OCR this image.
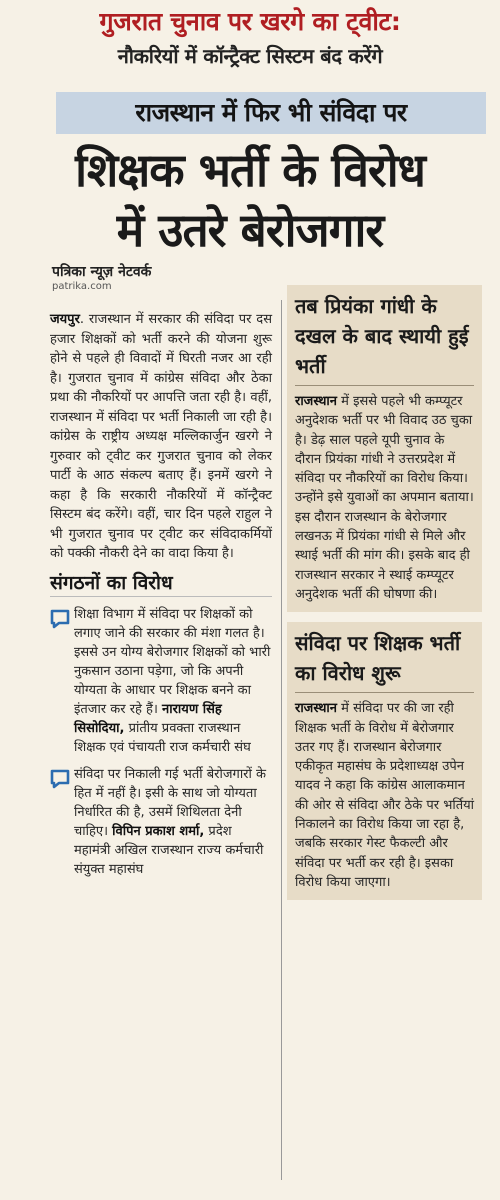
गुजरात चुनाव पर खरगे का ट्वीट:
नौकरियों में कॉन्ट्रैक्ट सिस्टम बंद करेंगे
राजस्थान में फिर भी संविदा पर
शिक्षक भर्ती के विरोध
में उतरे बेरोजगार
पत्रिका न्यूज़ नेटवर्क
patrika.com
जयपुर. राजस्थान में सरकार की संविदा पर दस हजार शिक्षकों को भर्ती करने की योजना शुरू होने से पहले ही विवादों में घिरती नजर आ रही है। गुजरात चुनाव में कांग्रेस संविदा और ठेका प्रथा की नौकरियों पर आपत्ति जता रही है। वहीं, राजस्थान में संविदा पर भर्ती निकाली जा रही है। कांग्रेस के राष्ट्रीय अध्यक्ष मल्लिकार्जुन खरगे ने गुरुवार को ट्वीट कर गुजरात चुनाव को लेकर पार्टी के आठ संकल्प बताए हैं। इनमें खरगे ने कहा है कि सरकारी नौकरियों में कॉन्ट्रैक्ट सिस्टम बंद करेंगे। वहीं, चार दिन पहले राहुल ने भी गुजरात चुनाव पर ट्वीट कर संविदाकर्मियों को पक्की नौकरी देने का वादा किया है।
संगठनों का विरोध
शिक्षा विभाग में संविदा पर शिक्षकों को लगाए जाने की सरकार की मंशा गलत है। इससे उन योग्य बेरोजगार शिक्षकों को भारी नुकसान उठाना पड़ेगा, जो कि अपनी योग्यता के आधार पर शिक्षक बनने का इंतजार कर रहे हैं। नारायण सिंह सिसोदिया, प्रांतीय प्रवक्ता राजस्थान शिक्षक एवं पंचायती राज कर्मचारी संघ
संविदा पर निकाली गई भर्ती बेरोजगारों के हित में नहीं है। इसी के साथ जो योग्यता निर्धारित की है, उसमें शिथिलता देनी चाहिए। विपिन प्रकाश शर्मा, प्रदेश महामंत्री अखिल राजस्थान राज्य कर्मचारी संयुक्त महासंघ
तब प्रियंका गांधी के दखल के बाद स्थायी हुई भर्ती
राजस्थान में इससे पहले भी कम्प्यूटर अनुदेशक भर्ती पर भी विवाद उठ चुका है। डेढ़ साल पहले यूपी चुनाव के दौरान प्रियंका गांधी ने उत्तरप्रदेश में संविदा पर नौकरियों का विरोध किया। उन्होंने इसे युवाओं का अपमान बताया। इस दौरान राजस्थान के बेरोजगार लखनऊ में प्रियंका गांधी से मिले और स्थाई भर्ती की मांग की। इसके बाद ही राजस्थान सरकार ने स्थाई कम्प्यूटर अनुदेशक भर्ती की घोषणा की।
संविदा पर शिक्षक भर्ती का विरोध शुरू
राजस्थान में संविदा पर की जा रही शिक्षक भर्ती के विरोध में बेरोजगार उतर गए हैं। राजस्थान बेरोजगार एकीकृत महासंघ के प्रदेशाध्यक्ष उपेन यादव ने कहा कि कांग्रेस आलाकमान की ओर से संविदा और ठेके पर भर्तियां निकालने का विरोध किया जा रहा है, जबकि सरकार गेस्ट फैकल्टी और संविदा पर भर्ती कर रही है। इसका विरोध किया जाएगा।
